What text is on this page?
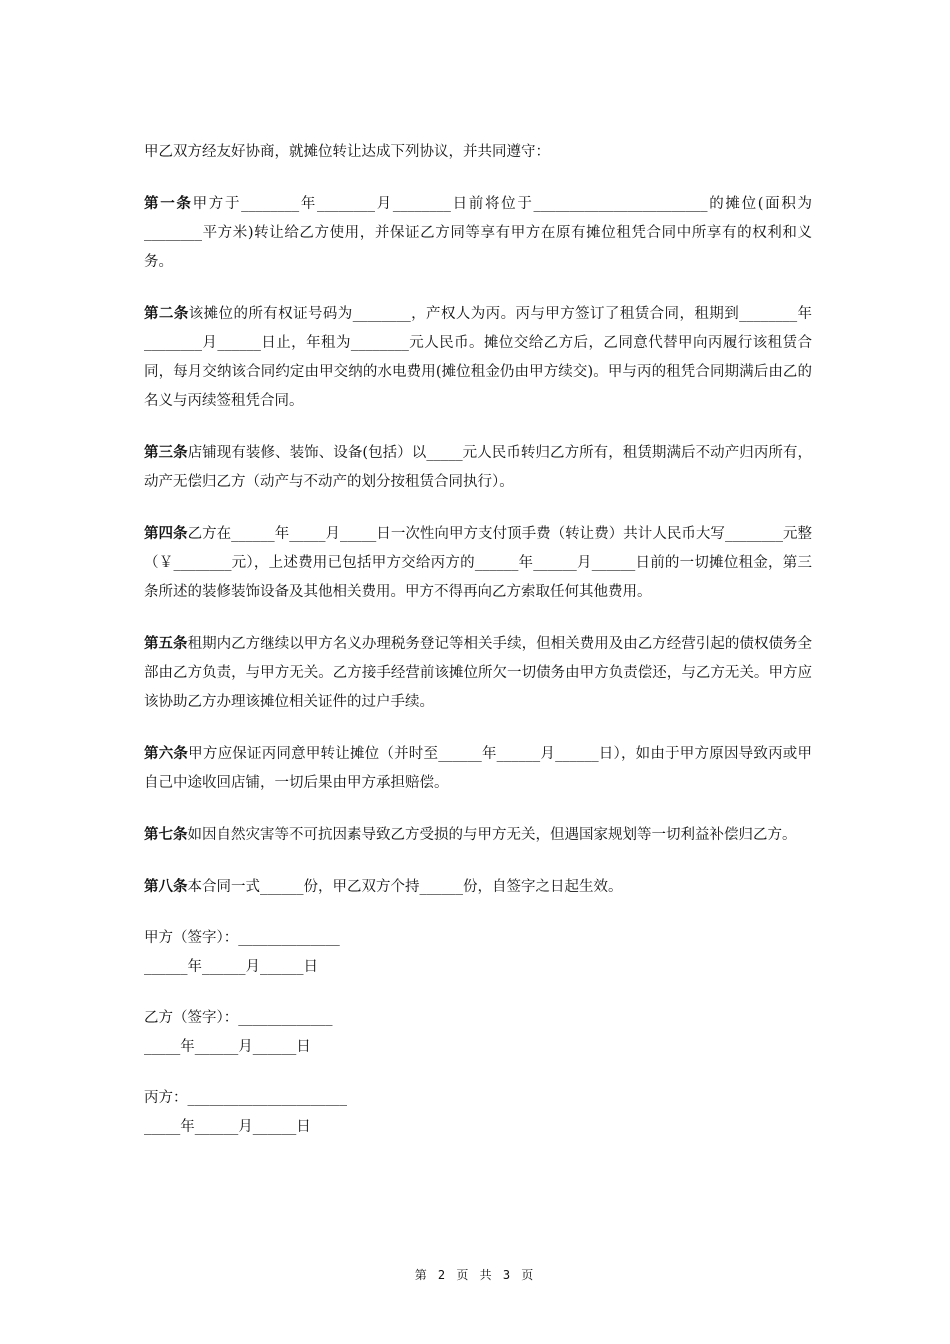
甲乙双方经友好协商，就摊位转让达成下列协议，并共同遵守：

第一条甲方于________年________月________日前将位于________________________的摊位(面积为________平方米)转让给乙方使用，并保证乙方同等享有甲方在原有摊位租凭合同中所享有的权利和义务。

第二条该摊位的所有权证号码为________，产权人为丙。丙与甲方签订了租赁合同，租期到________年________月______日止，年租为________元人民币。摊位交给乙方后，乙同意代替甲向丙履行该租赁合同，每月交纳该合同约定由甲交纳的水电费用(摊位租金仍由甲方续交)。甲与丙的租凭合同期满后由乙的名义与丙续签租凭合同。

第三条店铺现有装修、装饰、设备(包括）以_____元人民币转归乙方所有，租赁期满后不动产归丙所有，动产无偿归乙方（动产与不动产的划分按租赁合同执行）。

第四条乙方在______年_____月_____日一次性向甲方支付顶手费（转让费）共计人民币大写________元整（￥________元），上述费用已包括甲方交给丙方的______年______月______日前的一切摊位租金，第三条所述的装修装饰设备及其他相关费用。甲方不得再向乙方索取任何其他费用。

第五条租期内乙方继续以甲方名义办理税务登记等相关手续，但相关费用及由乙方经营引起的债权债务全部由乙方负责，与甲方无关。乙方接手经营前该摊位所欠一切债务由甲方负责偿还，与乙方无关。甲方应该协助乙方办理该摊位相关证件的过户手续。

第六条甲方应保证丙同意甲转让摊位（并时至______年______月______日），如由于甲方原因导致丙或甲自己中途收回店铺，一切后果由甲方承担赔偿。

第七条如因自然灾害等不可抗因素导致乙方受损的与甲方无关，但遇国家规划等一切利益补偿归乙方。

第八条本合同一式______份，甲乙双方个持______份，自签字之日起生效。

甲方（签字）：______________
______年______月______日
乙方（签字）：_____________
_____年______月______日
丙方：______________________
_____年______月______日
第 2 页 共 3 页
